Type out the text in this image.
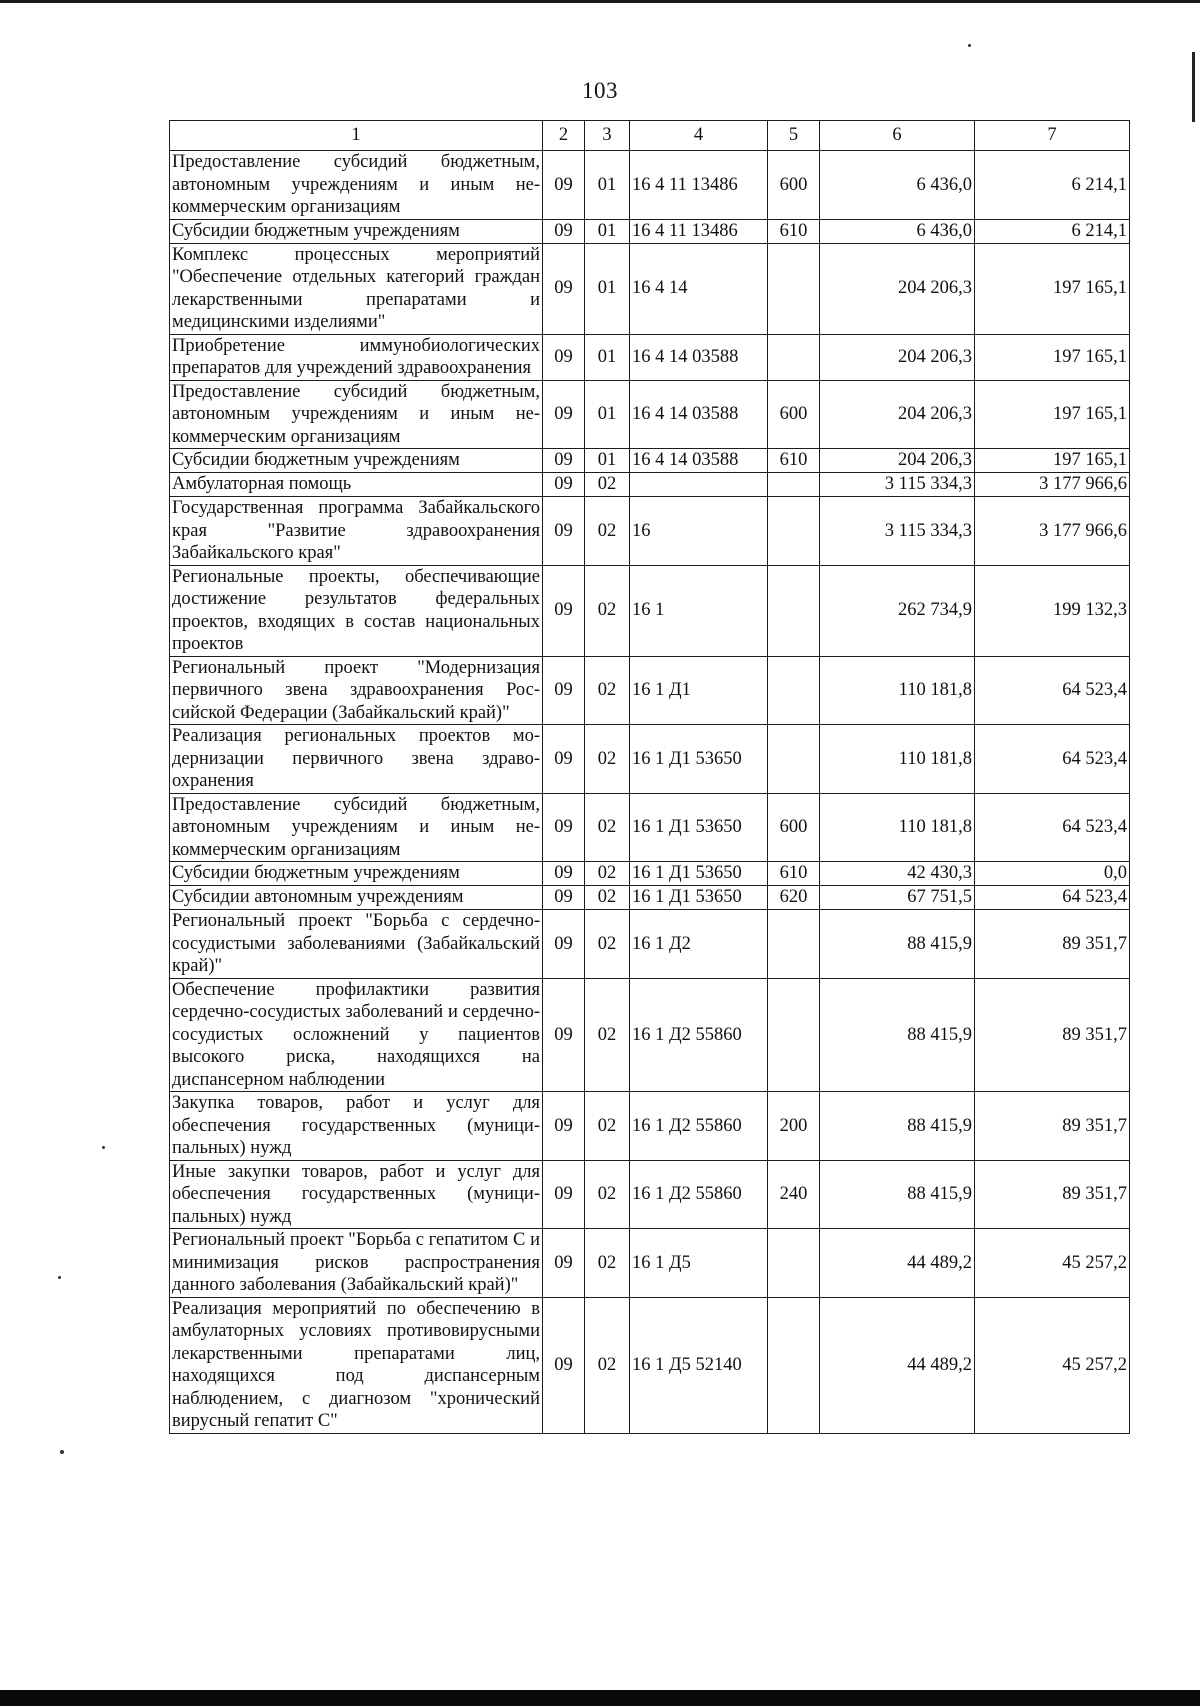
103
1	2	3	4	5	6	7
Предоставление субсидий бюджетным, автономным учреждениям и иным некоммерческим организациям	09	01	16 4 11 13486	600	6 436,0	6 214,1
Субсидии бюджетным учреждениям	09	01	16 4 11 13486	610	6 436,0	6 214,1
Комплекс процессных мероприятий "Обеспечение отдельных категорий граждан лекарственными препаратами и медицинскими изделиями"	09	01	16 4 14		204 206,3	197 165,1
Приобретение иммунобиологических препаратов для учреждений здравоохранения	09	01	16 4 14 03588		204 206,3	197 165,1
Предоставление субсидий бюджетным, автономным учреждениям и иным некоммерческим организациям	09	01	16 4 14 03588	600	204 206,3	197 165,1
Субсидии бюджетным учреждениям	09	01	16 4 14 03588	610	204 206,3	197 165,1
Амбулаторная помощь	09	02			3 115 334,3	3 177 966,6
Государственная программа Забайкальского края "Развитие здравоохранения Забайкальского края"	09	02	16		3 115 334,3	3 177 966,6
Региональные проекты, обеспечивающие достижение результатов федеральных проектов, входящих в состав национальных проектов	09	02	16 1		262 734,9	199 132,3
Региональный проект "Модернизация первичного звена здравоохранения Российской Федерации (Забайкальский край)"	09	02	16 1 Д1		110 181,8	64 523,4
Реализация региональных проектов модернизации первичного звена здравоохранения	09	02	16 1 Д1 53650		110 181,8	64 523,4
Предоставление субсидий бюджетным, автономным учреждениям и иным некоммерческим организациям	09	02	16 1 Д1 53650	600	110 181,8	64 523,4
Субсидии бюджетным учреждениям	09	02	16 1 Д1 53650	610	42 430,3	0,0
Субсидии автономным учреждениям	09	02	16 1 Д1 53650	620	67 751,5	64 523,4
Региональный проект "Борьба с сердечно-сосудистыми заболеваниями (Забайкальский край)"	09	02	16 1 Д2		88 415,9	89 351,7
Обеспечение профилактики развития сердечно-сосудистых заболеваний и сердечно-сосудистых осложнений у пациентов высокого риска, находящихся на диспансерном наблюдении	09	02	16 1 Д2 55860		88 415,9	89 351,7
Закупка товаров, работ и услуг для обеспечения государственных (муниципальных) нужд	09	02	16 1 Д2 55860	200	88 415,9	89 351,7
Иные закупки товаров, работ и услуг для обеспечения государственных (муниципальных) нужд	09	02	16 1 Д2 55860	240	88 415,9	89 351,7
Региональный проект "Борьба с гепатитом С и минимизация рисков распространения данного заболевания (Забайкальский край)"	09	02	16 1 Д5		44 489,2	45 257,2
Реализация мероприятий по обеспечению в амбулаторных условиях противовирусными лекарственными препаратами лиц, находящихся под диспансерным наблюдением, с диагнозом "хронический вирусный гепатит С"	09	02	16 1 Д5 52140		44 489,2	45 257,2
